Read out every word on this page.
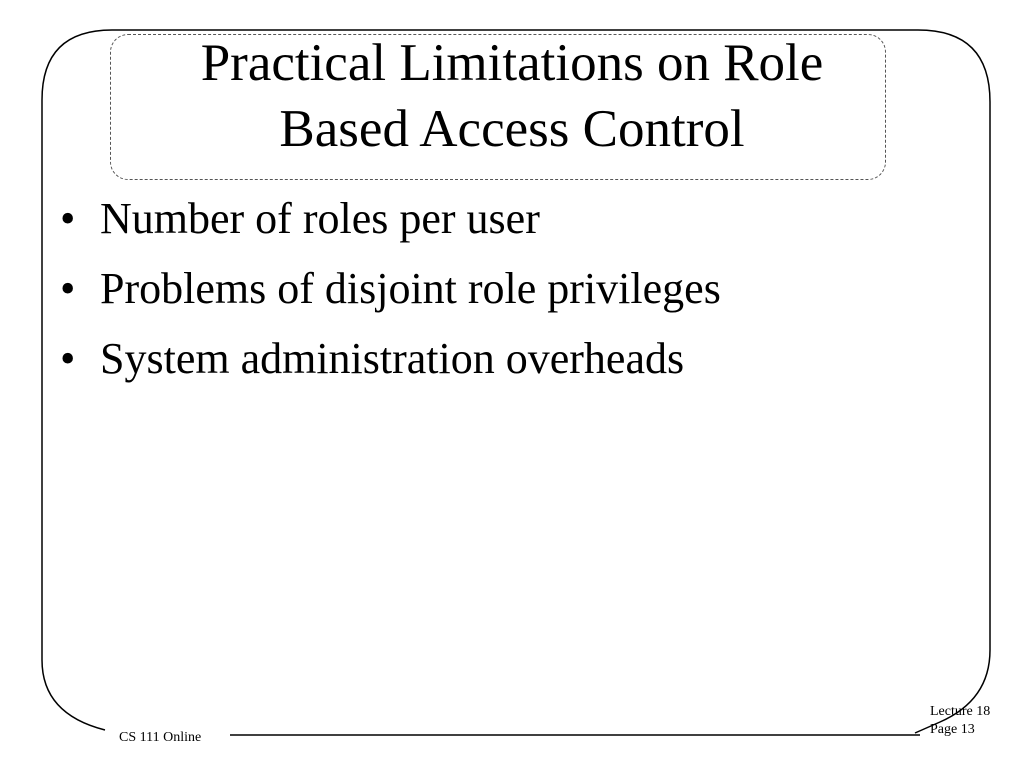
Practical Limitations on Role
Based Access Control
• Number of roles per user
• Problems of disjoint role privileges
• System administration overheads
CS 111 Online
Lecture 18
Page 13
